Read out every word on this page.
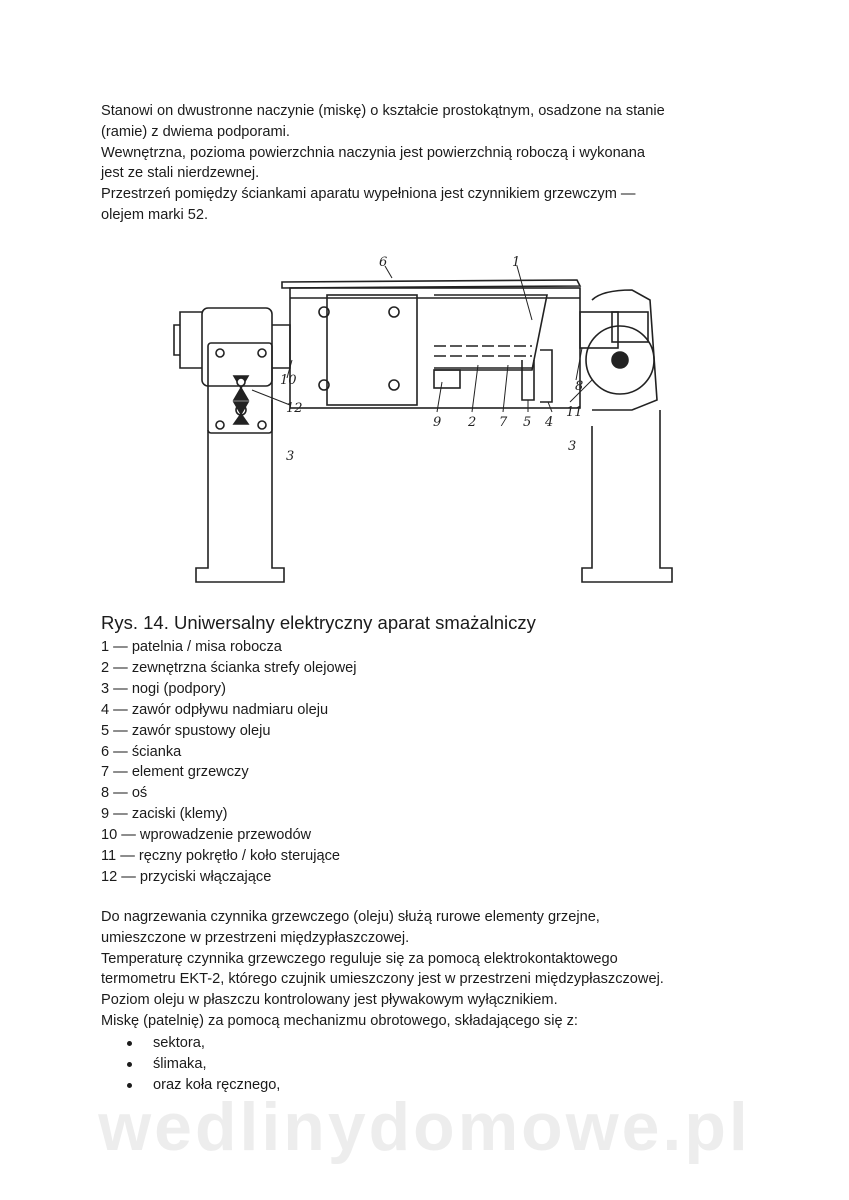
Stanowi on dwustronne naczynie (miskę) o kształcie prostokątnym, osadzone na stanie
(ramie) z dwiema podporami.
Wewnętrzna, pozioma powierzchnia naczynia jest powierzchnią roboczą i wykonana
jest ze stali nierdzewnej.
Przestrzeń pomiędzy ściankami aparatu wypełniona jest czynnikiem grzewczym —
olejem marki 52.
6	1
10
12
3
9 2 7 5 4
8
11
3
Rys. 14. Uniwersalny elektryczny aparat smażalniczy
1 — patelnia / misa robocza
2 — zewnętrzna ścianka strefy olejowej
3 — nogi (podpory)
4 — zawór odpływu nadmiaru oleju
5 — zawór spustowy oleju
6 — ścianka
7 — element grzewczy
8 — oś
9 — zaciski (klemy)
10 — wprowadzenie przewodów
11 — ręczny pokrętło / koło sterujące
12 — przyciski włączające
Do nagrzewania czynnika grzewczego (oleju) służą rurowe elementy grzejne,
umieszczone w przestrzeni międzypłaszczowej.
Temperaturę czynnika grzewczego reguluje się za pomocą elektrokontaktowego
termometru EKT-2, którego czujnik umieszczony jest w przestrzeni międzypłaszczowej.
Poziom oleju w płaszczu kontrolowany jest pływakowym wyłącznikiem.
Miskę (patelnię) za pomocą mechanizmu obrotowego, składającego się z:
sektora,
ślimaka,
oraz koła ręcznego,
wedlinydomowe.pl
